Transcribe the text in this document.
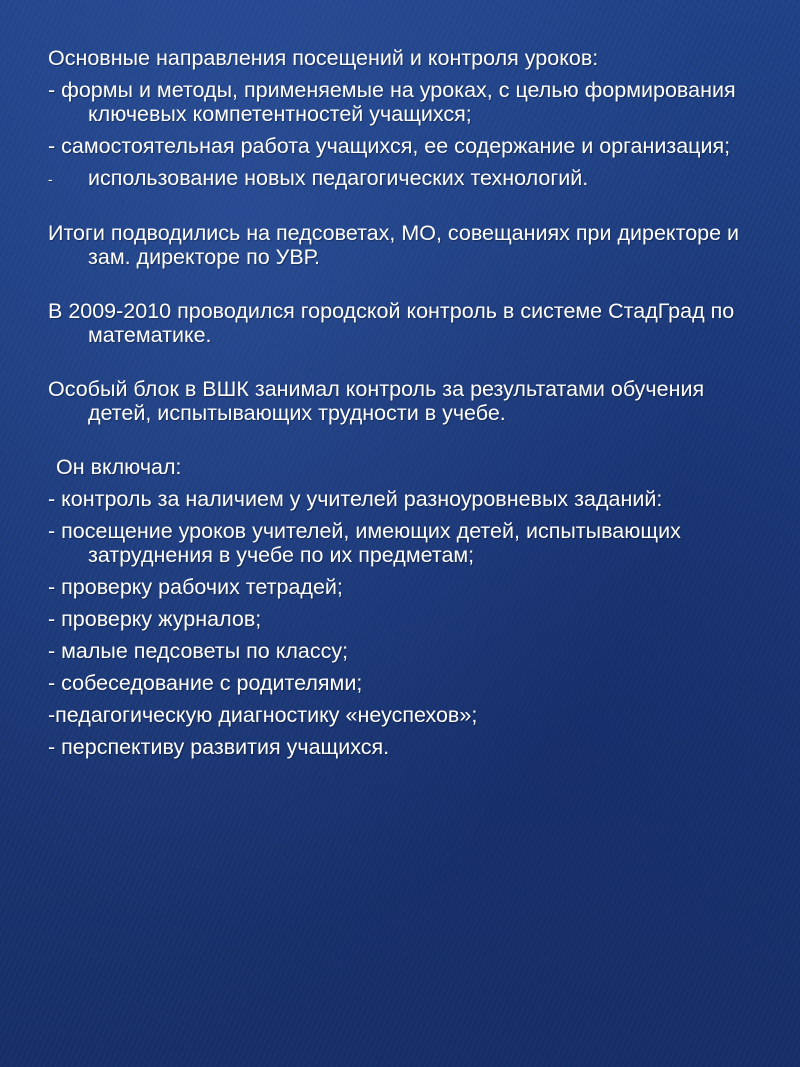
Основные направления посещений и контроля уроков:

- формы и методы, применяемые на уроках, с целью формирования ключевых компетентностей учащихся;

- самостоятельная работа учащихся, ее содержание и организация;

- использование новых педагогических технологий.

Итоги подводились на педсоветах, МО, совещаниях при директоре и зам. директоре по УВР.

В 2009-2010 проводился городской контроль в системе СтадГрад по математике.

Особый блок в ВШК занимал контроль за результатами обучения детей, испытывающих трудности в учебе.

Он включал:

- контроль за наличием у учителей разноуровневых заданий:

- посещение уроков учителей, имеющих детей, испытывающих затруднения в учебе по их предметам;

- проверку рабочих тетрадей;

- проверку журналов;

- малые педсоветы по классу;

- собеседование с родителями;

-педагогическую диагностику «неуспехов»;

- перспективу развития учащихся.
